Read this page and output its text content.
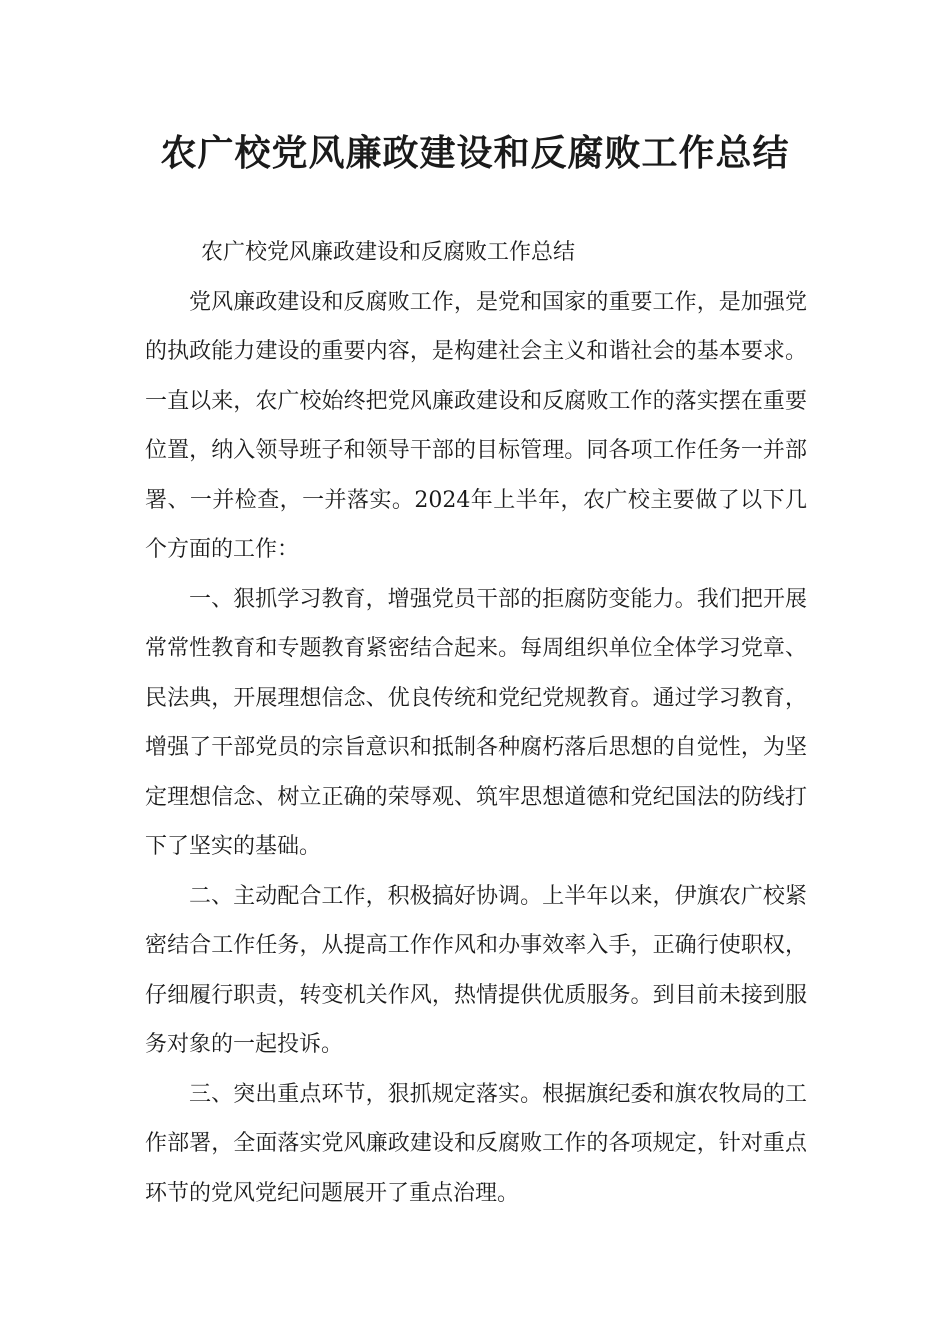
农广校党风廉政建设和反腐败工作总结

农广校党风廉政建设和反腐败工作总结

党风廉政建设和反腐败工作，是党和国家的重要工作，是加强党的执政能力建设的重要内容，是构建社会主义和谐社会的基本要求。一直以来，农广校始终把党风廉政建设和反腐败工作的落实摆在重要位置，纳入领导班子和领导干部的目标管理。同各项工作任务一并部署、一并检查，一并落实。2024年上半年，农广校主要做了以下几个方面的工作：

一、狠抓学习教育，增强党员干部的拒腐防变能力。我们把开展常常性教育和专题教育紧密结合起来。每周组织单位全体学习党章、民法典，开展理想信念、优良传统和党纪党规教育。通过学习教育，增强了干部党员的宗旨意识和抵制各种腐朽落后思想的自觉性，为坚定理想信念、树立正确的荣辱观、筑牢思想道德和党纪国法的防线打下了坚实的基础。

二、主动配合工作，积极搞好协调。上半年以来，伊旗农广校紧密结合工作任务，从提高工作作风和办事效率入手，正确行使职权，仔细履行职责，转变机关作风，热情提供优质服务。到目前未接到服务对象的一起投诉。

三、突出重点环节，狠抓规定落实。根据旗纪委和旗农牧局的工作部署，全面落实党风廉政建设和反腐败工作的各项规定，针对重点环节的党风党纪问题展开了重点治理。
